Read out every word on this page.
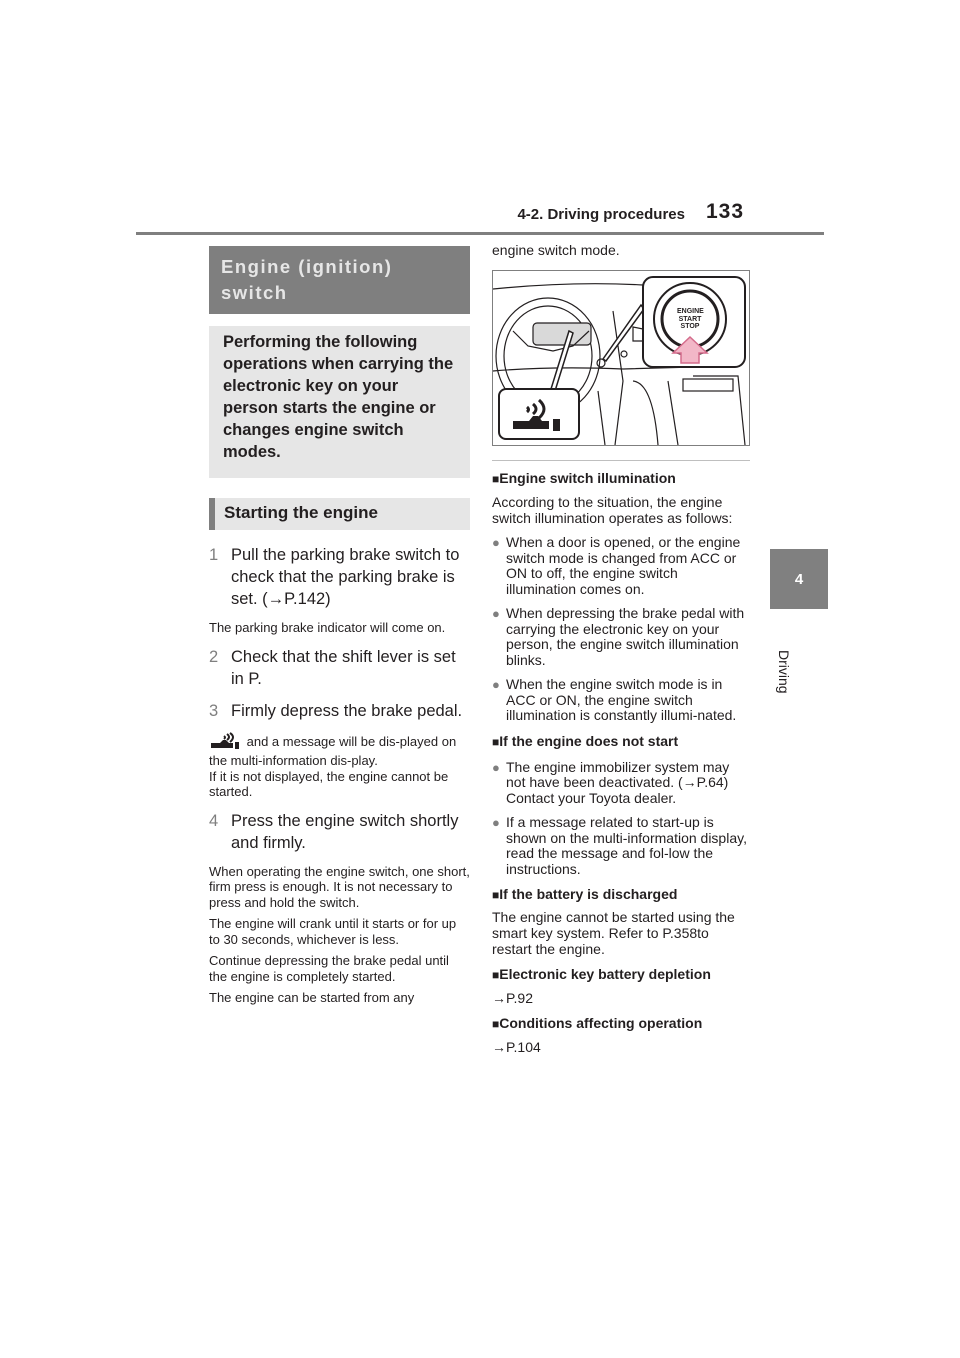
4-2. Driving procedures 133
4
Driving
Engine (ignition) switch
Performing the following operations when carrying the electronic key on your person starts the engine or changes engine switch modes.
Starting the engine
1 Pull the parking brake switch to check that the parking brake is set. (→P.142)
The parking brake indicator will come on.
2 Check that the shift lever is set in P.
3 Firmly depress the brake pedal.
and a message will be dis-played on the multi-information dis-play.
If it is not displayed, the engine cannot be started.
4 Press the engine switch shortly and firmly.
When operating the engine switch, one short, firm press is enough. It is not necessary to press and hold the switch.
The engine will crank until it starts or for up to 30 seconds, whichever is less.
Continue depressing the brake pedal until the engine is completely started.
The engine can be started from any
engine switch mode.
ENGINE
START
STOP
■Engine switch illumination
According to the situation, the engine switch illumination operates as follows:
● When a door is opened, or the engine switch mode is changed from ACC or ON to off, the engine switch illumination comes on.
● When depressing the brake pedal with carrying the electronic key on your person, the engine switch illumination blinks.
● When the engine switch mode is in ACC or ON, the engine switch illumination is constantly illumi-nated.
■If the engine does not start
● The engine immobilizer system may not have been deactivated. (→P.64)
Contact your Toyota dealer.
● If a message related to start-up is shown on the multi-information display, read the message and fol-low the instructions.
■If the battery is discharged
The engine cannot be started using the smart key system. Refer to P.358to restart the engine.
■Electronic key battery depletion
→P.92
■Conditions affecting operation
→P.104
